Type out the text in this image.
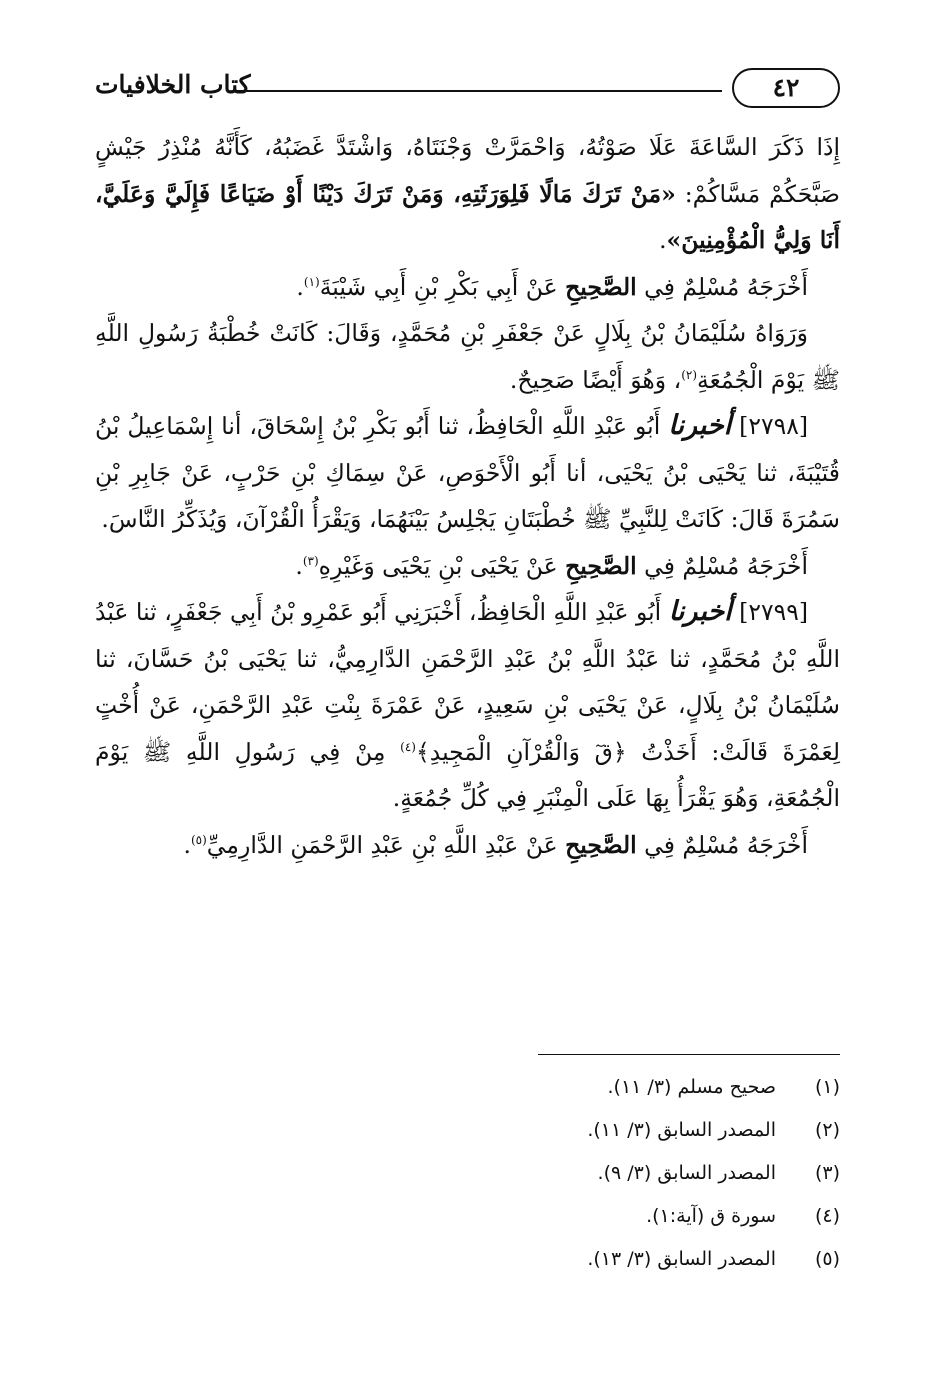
كتاب الخلافيات	٤٢

إِذَا ذَكَرَ السَّاعَةَ عَلَا صَوْتُهُ، وَاحْمَرَّتْ وَجْنَتَاهُ، وَاشْتَدَّ غَضَبُهُ، كَأَنَّهُ مُنْذِرُ جَيْشٍ صَبَّحَكُمْ مَسَّاكُمْ: «مَنْ تَرَكَ مَالًا فَلِوَرَثَتِهِ، وَمَنْ تَرَكَ دَيْنًا أَوْ ضَيَاعًا فَإِلَيَّ وَعَلَيَّ، أَنَا وَلِيُّ الْمُؤْمِنِينَ».

أَخْرَجَهُ مُسْلِمٌ فِي الصَّحِيحِ عَنْ أَبِي بَكْرِ بْنِ أَبِي شَيْبَةَ$^{(١)}$.

وَرَوَاهُ سُلَيْمَانُ بْنُ بِلَالٍ عَنْ جَعْفَرِ بْنِ مُحَمَّدٍ، وَقَالَ: كَانَتْ خُطْبَةُ رَسُولِ اللَّهِ ﷺ يَوْمَ الْجُمُعَةِ$^{(٢)}$، وَهُوَ أَيْضًا صَحِيحٌ.

[٢٧٩٨] أخبرنا أَبُو عَبْدِ اللَّهِ الْحَافِظُ، ثنا أَبُو بَكْرِ بْنُ إِسْحَاقَ، أنا إِسْمَاعِيلُ بْنُ قُتَيْبَةَ، ثنا يَحْيَى بْنُ يَحْيَى، أنا أَبُو الْأَحْوَصِ، عَنْ سِمَاكِ بْنِ حَرْبٍ، عَنْ جَابِرِ بْنِ سَمُرَةَ قَالَ: كَانَتْ لِلنَّبِيِّ ﷺ خُطْبَتَانِ يَجْلِسُ بَيْنَهُمَا، وَيَقْرَأُ الْقُرْآنَ، وَيُذَكِّرُ النَّاسَ.

أَخْرَجَهُ مُسْلِمٌ فِي الصَّحِيحِ عَنْ يَحْيَى بْنِ يَحْيَى وَغَيْرِهِ$^{(٣)}$.

[٢٧٩٩] أخبرنا أَبُو عَبْدِ اللَّهِ الْحَافِظُ، أَخْبَرَنِي أَبُو عَمْرِو بْنُ أَبِي جَعْفَرٍ، ثنا عَبْدُ اللَّهِ بْنُ مُحَمَّدٍ، ثنا عَبْدُ اللَّهِ بْنُ عَبْدِ الرَّحْمَنِ الدَّارِمِيُّ، ثنا يَحْيَى بْنُ حَسَّانَ، ثنا سُلَيْمَانُ بْنُ بِلَالٍ، عَنْ يَحْيَى بْنِ سَعِيدٍ، عَنْ عَمْرَةَ بِنْتِ عَبْدِ الرَّحْمَنِ، عَنْ أُخْتٍ لِعَمْرَةَ قَالَتْ: أَخَذْتُ ﴿قٓ وَالْقُرْآنِ الْمَجِيدِ﴾$^{(٤)}$ مِنْ فِي رَسُولِ اللَّهِ ﷺ يَوْمَ الْجُمُعَةِ، وَهُوَ يَقْرَأُ بِهَا عَلَى الْمِنْبَرِ فِي كُلِّ جُمُعَةٍ.

أَخْرَجَهُ مُسْلِمٌ فِي الصَّحِيحِ عَنْ عَبْدِ اللَّهِ بْنِ عَبْدِ الرَّحْمَنِ الدَّارِمِيِّ$^{(٥)}$.

(١)
صحيح مسلم (٣/ ١١).
(٢)
المصدر السابق (٣/ ١١).
(٣)
المصدر السابق (٣/ ٩).
(٤)
سورة ق (آية:١).
(٥)
المصدر السابق (٣/ ١٣).
